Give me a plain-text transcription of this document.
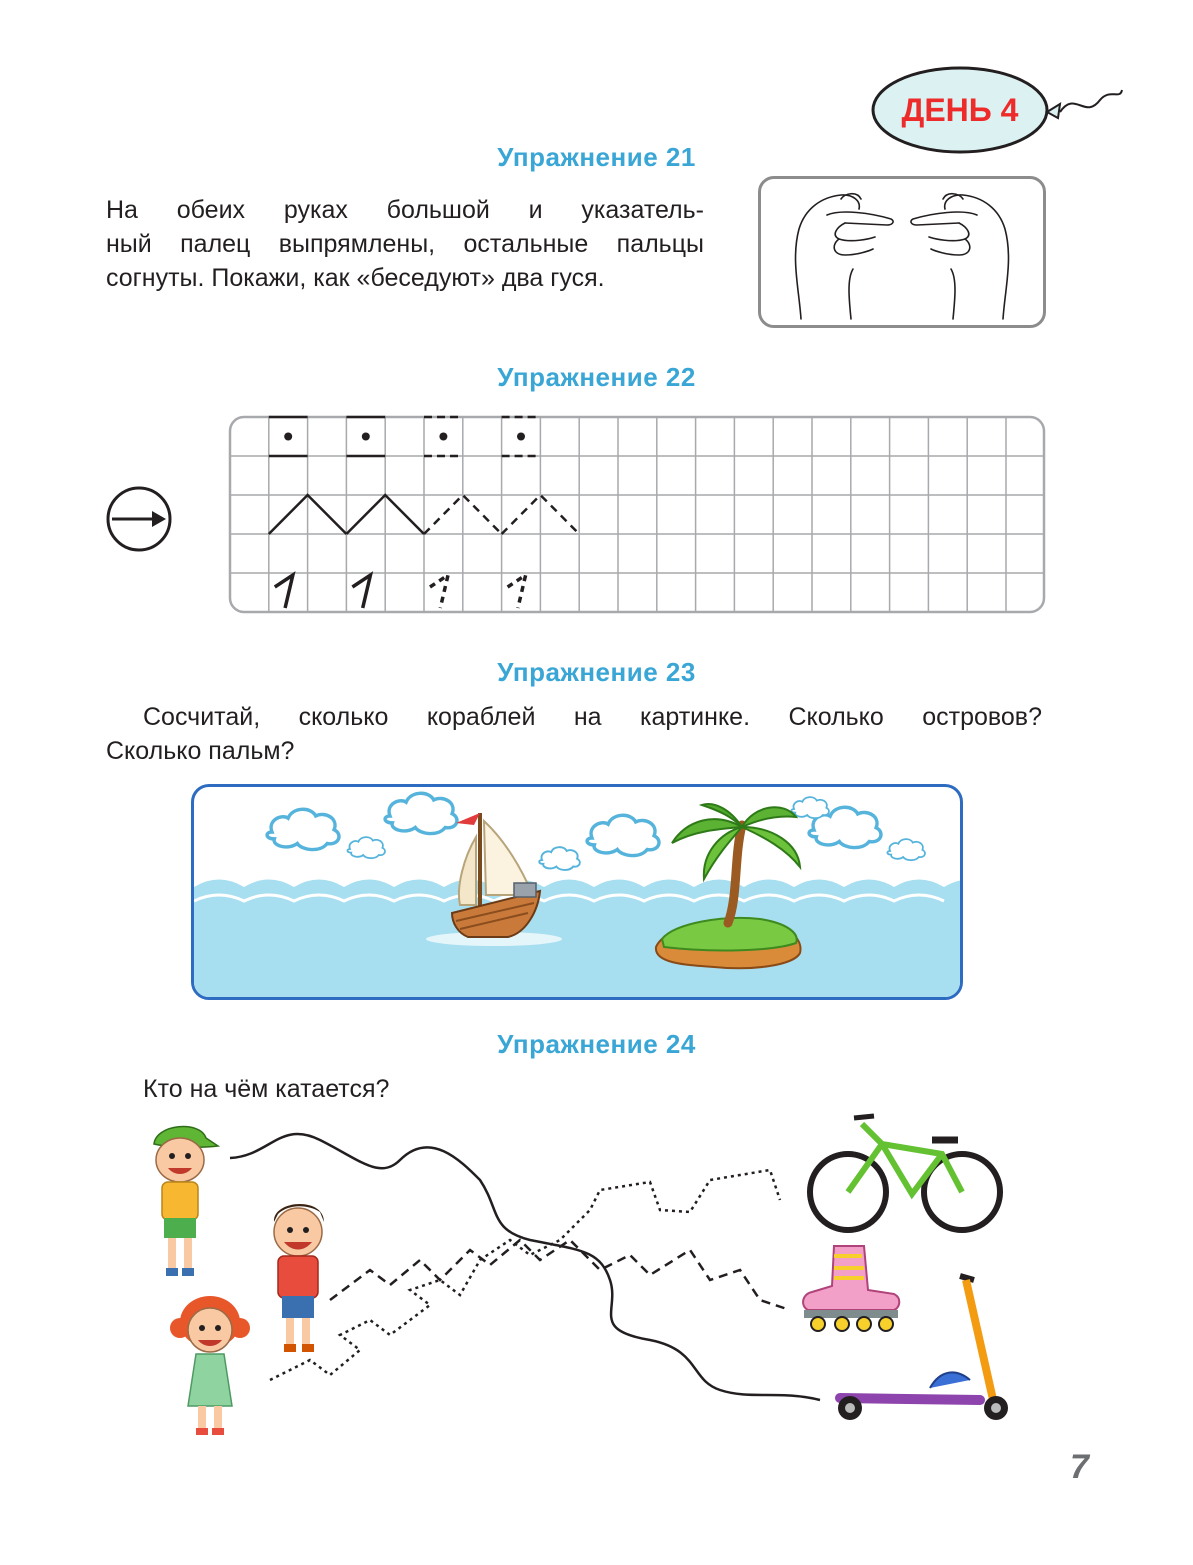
ДЕНЬ 4
Упражнение 21
На обеих руках большой и указатель-
ный палец выпрямлены, остальные пальцы
согнуты. Покажи, как «беседуют» два гуся.
Упражнение 22
Упражнение 23
Сосчитай, сколько кораблей на картинке. Сколько островов?
Сколько пальм?
Упражнение 24
Кто на чём катается?
7
